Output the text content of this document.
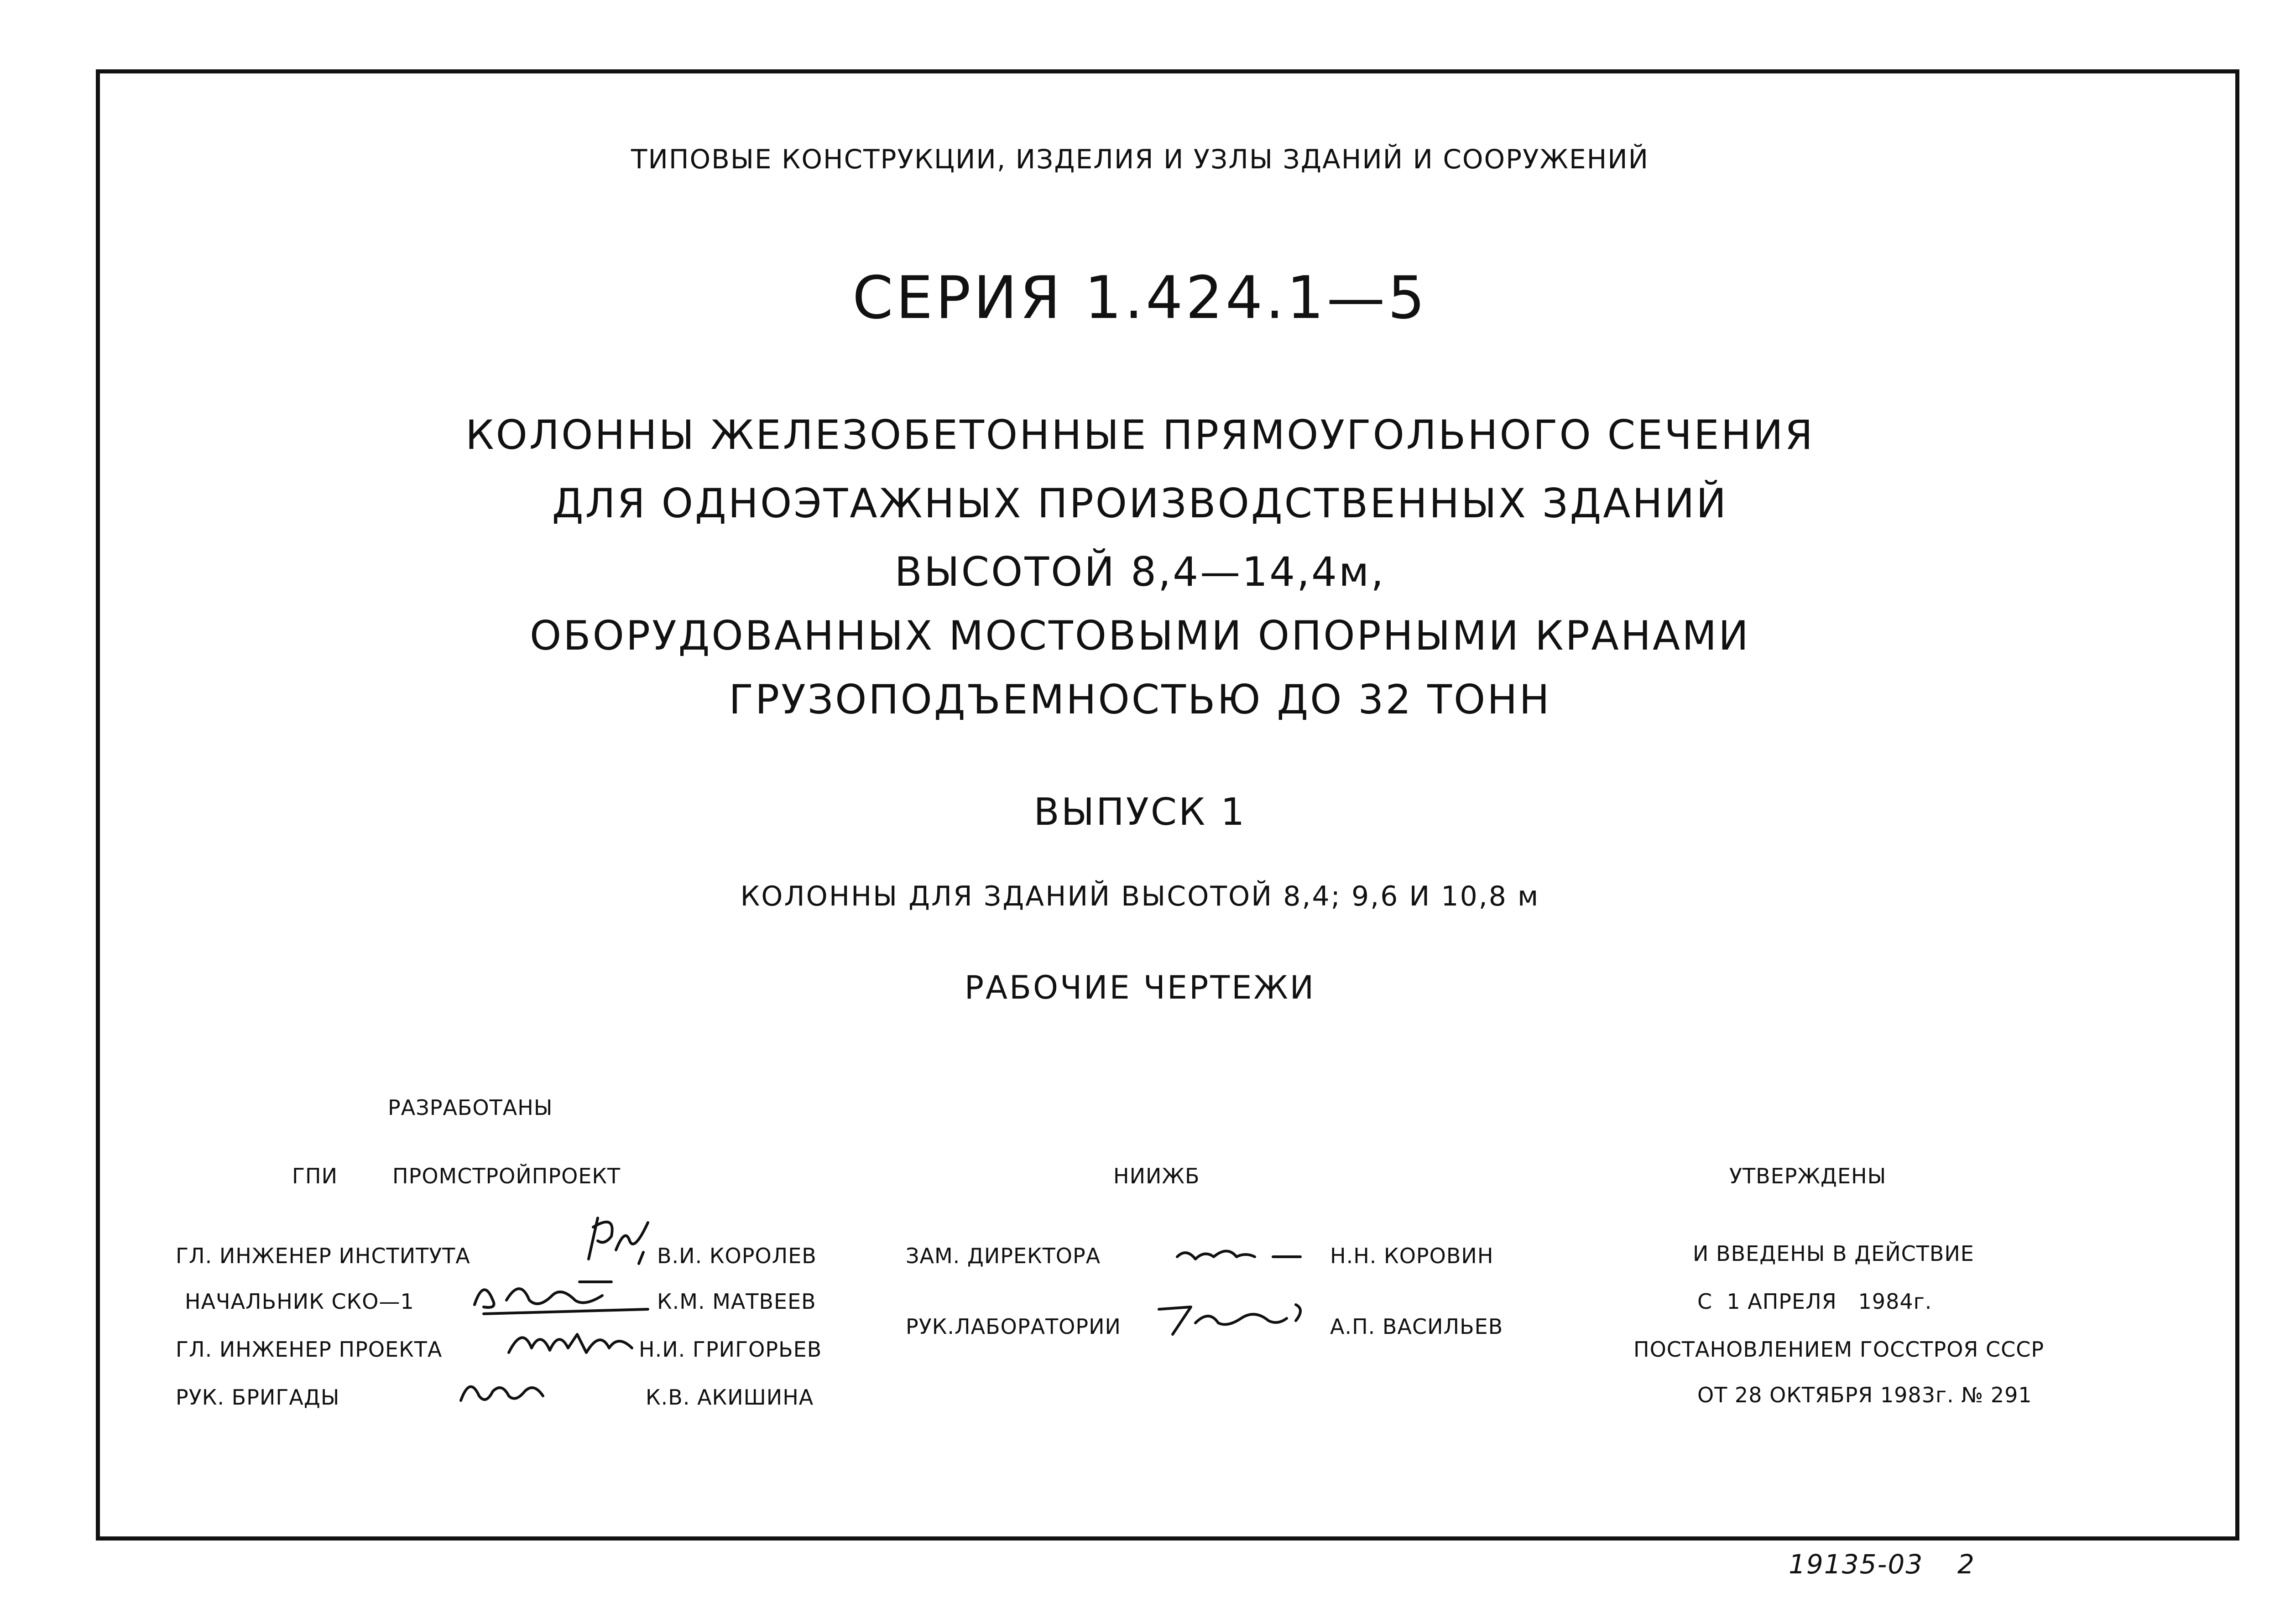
ТИПОВЫЕ КОНСТРУКЦИИ, ИЗДЕЛИЯ И УЗЛЫ ЗДАНИЙ И СООРУЖЕНИЙ
СЕРИЯ 1.424.1—5
КОЛОННЫ ЖЕЛЕЗОБЕТОННЫЕ ПРЯМОУГОЛЬНОГО СЕЧЕНИЯ
ДЛЯ ОДНОЭТАЖНЫХ ПРОИЗВОДСТВЕННЫХ ЗДАНИЙ
ВЫСОТОЙ 8,4—14,4м,
ОБОРУДОВАННЫХ МОСТОВЫМИ ОПОРНЫМИ КРАНАМИ
ГРУЗОПОДЪЕМНОСТЬЮ ДО 32 ТОНН
ВЫПУСК 1
КОЛОННЫ ДЛЯ ЗДАНИЙ ВЫСОТОЙ 8,4; 9,6 И 10,8 м
РАБОЧИЕ ЧЕРТЕЖИ
РАЗРАБОТАНЫ
ГПИ	ПРОМСТРОЙПРОЕКТ
ГЛ. ИНЖЕНЕР ИНСТИТУТА	В.И. КОРОЛЕВ
НАЧАЛЬНИК СКО—1	К.М. МАТВЕЕВ
ГЛ. ИНЖЕНЕР ПРОЕКТА	Н.И. ГРИГОРЬЕВ
РУК. БРИГАДЫ	К.В. АКИШИНА
НИИЖБ
ЗАМ. ДИРЕКТОРА	Н.Н. КОРОВИН
РУК.ЛАБОРАТОРИИ	А.П. ВАСИЛЬЕВ
УТВЕРЖДЕНЫ
И ВВЕДЕНЫ В ДЕЙСТВИЕ
С  1 АПРЕЛЯ   1984г.
ПОСТАНОВЛЕНИЕМ ГОССТРОЯ СССР
ОТ 28 ОКТЯБРЯ 1983г. № 291
19135-03 2
